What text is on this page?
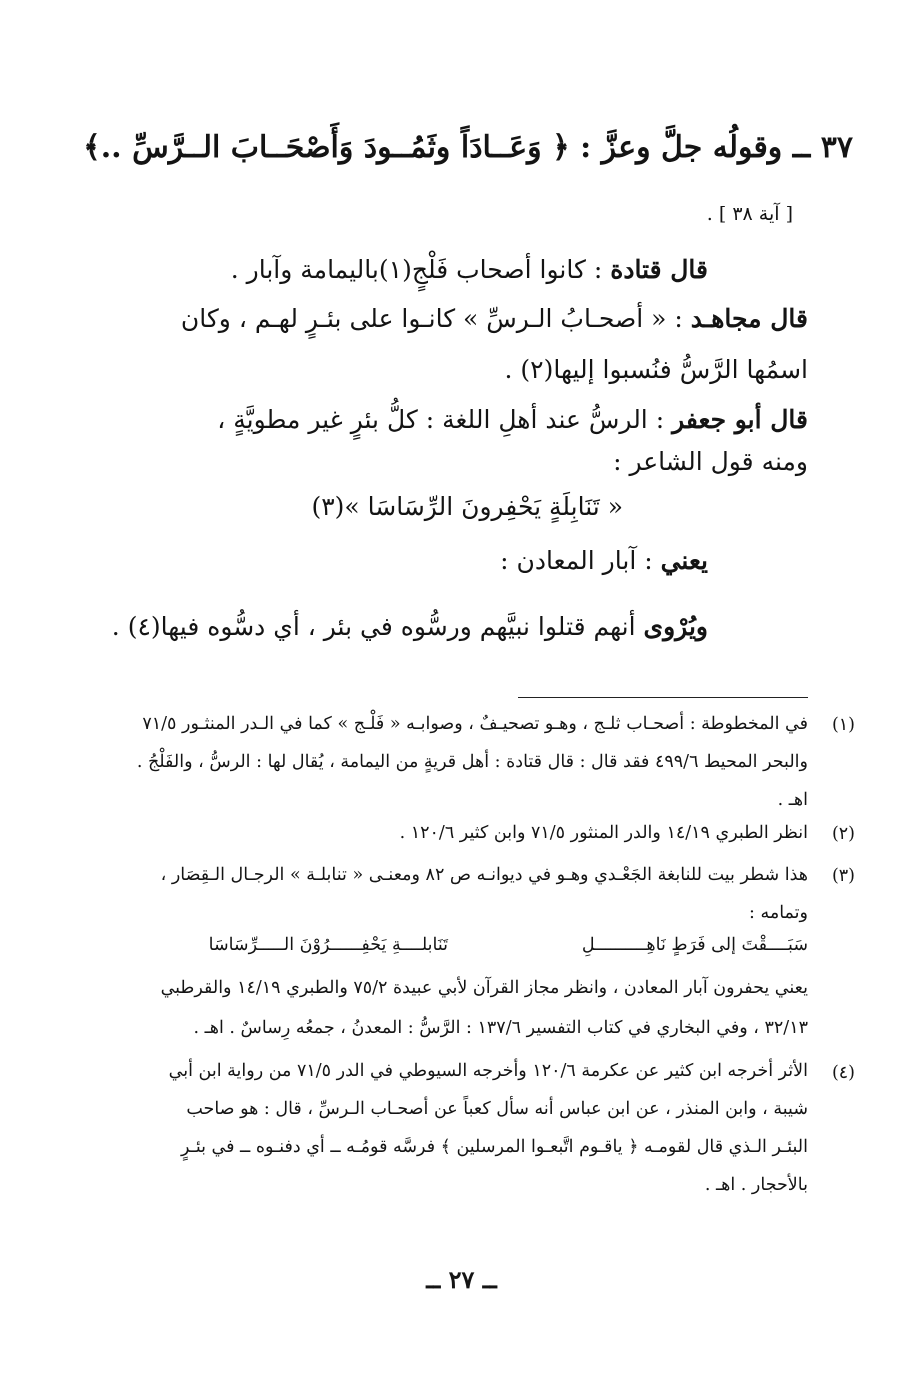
٣٧ ــ وقولُه جلَّ وعزَّ : ﴿ وَعَــادَاً وثَمُــودَ وَأَصْحَــابَ الــرَّسِّ ..﴾
[ آية ٣٨ ] .
قال قتادة : كانوا أصحاب فَلْجٍ(١)باليمامة وآبار .
قال مجاهـد : « أصحـابُ الـرسِّ » كانـوا على بئـرٍ لهـم ، وكان
اسمُها الرَّسُّ فنُسبوا إليها(٢) .
قال أبو جعفر : الرسُّ عند أهلِ اللغة : كلُّ بئرٍ غير مطويَّةٍ ،
ومنه قول الشاعر :
« تَنَابِلَةٍ يَحْفِرونَ الرِّسَاسَا »(٣)
يعني : آبار المعادن :
ويُرْوى أنهم قتلوا نبيَّهم ورسُّوه في بئر ، أي دسُّوه فيها(٤) .
(١)
في المخطوطة : أصحـاب ثلـج ، وهـو تصحيـفٌ ، وصوابـه « فَلْـج » كما في الـدر المنثـور ٧١/٥
والبحر المحيط ٤٩٩/٦ فقد قال : قال قتادة : أهل قريةٍ من اليمامة ، يُقال لها : الرسُّ ، والفَلْجُ .
اهـ .
(٢)
انظر الطبري ١٤/١٩ والدر المنثور ٧١/٥ وابن كثير ١٢٠/٦ .
(٣)
هذا شطر بيت للنابغة الجَعْـدي وهـو في ديوانـه ص ٨٢ ومعنـى « تنابلـة » الرجـال الـقِصَار ،
وتمامه :
سَبَــــقْتَ إلى فَرَطٍ نَاهِــــــــــلِ
تَنَابلــــةِ يَحْفِــــــرُوْنَ الـــــرِّسَاسَا
يعني يحفرون آبار المعادن ، وانظر مجاز القرآن لأبي عبيدة ٧٥/٢ والطبري ١٤/١٩ والقرطبي
٣٢/١٣ ، وفي البخاري في كتاب التفسير ١٣٧/٦ : الرَّسُّ : المعدنُ ، جمعُه رِساسٌ . اهـ .
(٤)
الأثر أخرجه ابن كثير عن عكرمة ١٢٠/٦ وأخرجه السيوطي في الدر ٧١/٥ من رواية ابن أبي
شيبة ، وابن المنذر ، عن ابن عباس أنه سأل كعباً عن أصحـاب الـرسِّ ، قال : هو صاحب
البئـر الـذي قال لقومـه ﴿ ياقـوم اتَّبعـوا المرسلين ﴾ فرسَّه قومُـه ــ أي دفنـوه ــ في بئـرٍ
بالأحجار . اهـ .
ــ ٢٧ ــ
